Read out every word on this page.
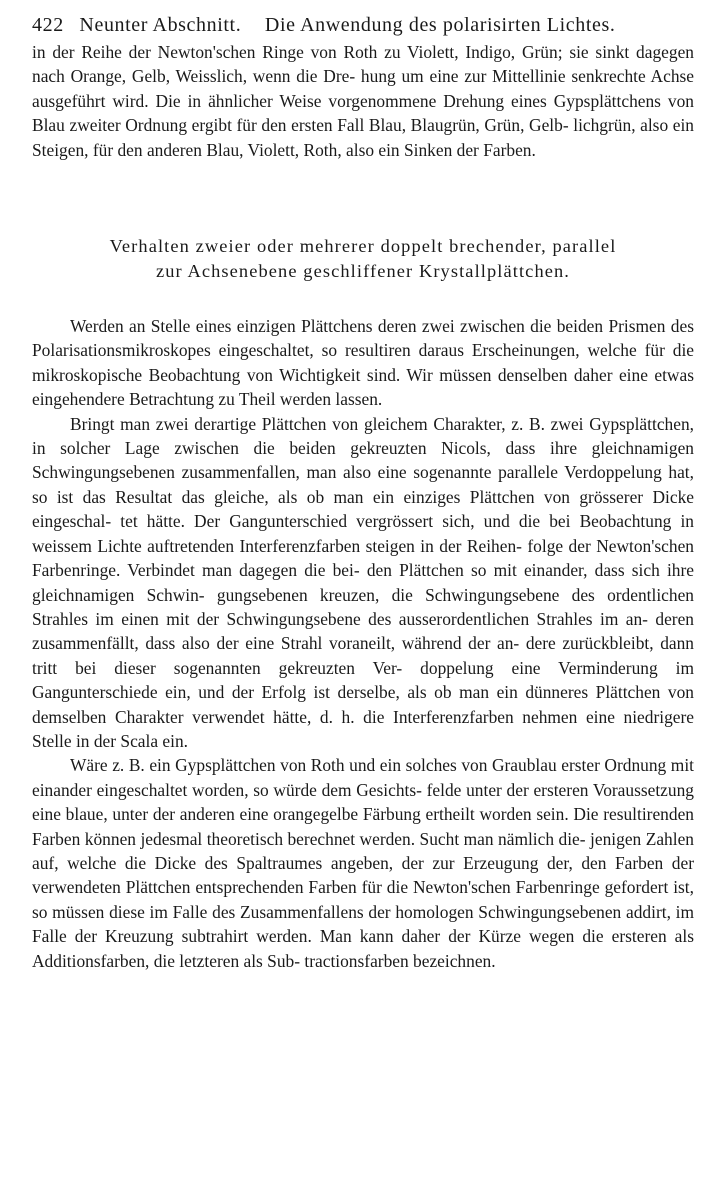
422 Neunter Abschnitt. Die Anwendung des polarisirten Lichtes.

in der Reihe der Newton'schen Ringe von Roth zu Violett, Indigo, Grün; sie sinkt dagegen nach Orange, Gelb, Weisslich, wenn die Dre- hung um eine zur Mittellinie senkrechte Achse ausgeführt wird. Die in ähnlicher Weise vorgenommene Drehung eines Gypsplättchens von Blau zweiter Ordnung ergibt für den ersten Fall Blau, Blaugrün, Grün, Gelb- lichgrün, also ein Steigen, für den anderen Blau, Violett, Roth, also ein Sinken der Farben.

Verhalten zweier oder mehrerer doppelt brechender, parallel
zur Achsenebene geschliffener Krystallplättchen.

Werden an Stelle eines einzigen Plättchens deren zwei zwischen die beiden Prismen des Polarisationsmikroskopes eingeschaltet, so resultiren daraus Erscheinungen, welche für die mikroskopische Beobachtung von Wichtigkeit sind. Wir müssen denselben daher eine etwas eingehendere Betrachtung zu Theil werden lassen.

Bringt man zwei derartige Plättchen von gleichem Charakter, z. B. zwei Gypsplättchen, in solcher Lage zwischen die beiden gekreuzten Nicols, dass ihre gleichnamigen Schwingungsebenen zusammenfallen, man also eine sogenannte parallele Verdoppelung hat, so ist das Resultat das gleiche, als ob man ein einziges Plättchen von grösserer Dicke eingeschal- tet hätte. Der Gangunterschied vergrössert sich, und die bei Beobachtung in weissem Lichte auftretenden Interferenzfarben steigen in der Reihen- folge der Newton'schen Farbenringe. Verbindet man dagegen die bei- den Plättchen so mit einander, dass sich ihre gleichnamigen Schwin- gungsebenen kreuzen, die Schwingungsebene des ordentlichen Strahles im einen mit der Schwingungsebene des ausserordentlichen Strahles im an- deren zusammenfällt, dass also der eine Strahl voraneilt, während der an- dere zurückbleibt, dann tritt bei dieser sogenannten gekreuzten Ver- doppelung eine Verminderung im Gangunterschiede ein, und der Erfolg ist derselbe, als ob man ein dünneres Plättchen von demselben Charakter verwendet hätte, d. h. die Interferenzfarben nehmen eine niedrigere Stelle in der Scala ein.

Wäre z. B. ein Gypsplättchen von Roth und ein solches von Graublau erster Ordnung mit einander eingeschaltet worden, so würde dem Gesichts- felde unter der ersteren Voraussetzung eine blaue, unter der anderen eine orangegelbe Färbung ertheilt worden sein. Die resultirenden Farben können jedesmal theoretisch berechnet werden. Sucht man nämlich die- jenigen Zahlen auf, welche die Dicke des Spaltraumes angeben, der zur Erzeugung der, den Farben der verwendeten Plättchen entsprechenden Farben für die Newton'schen Farbenringe gefordert ist, so müssen diese im Falle des Zusammenfallens der homologen Schwingungsebenen addirt, im Falle der Kreuzung subtrahirt werden. Man kann daher der Kürze wegen die ersteren als Additionsfarben, die letzteren als Sub- tractionsfarben bezeichnen.
